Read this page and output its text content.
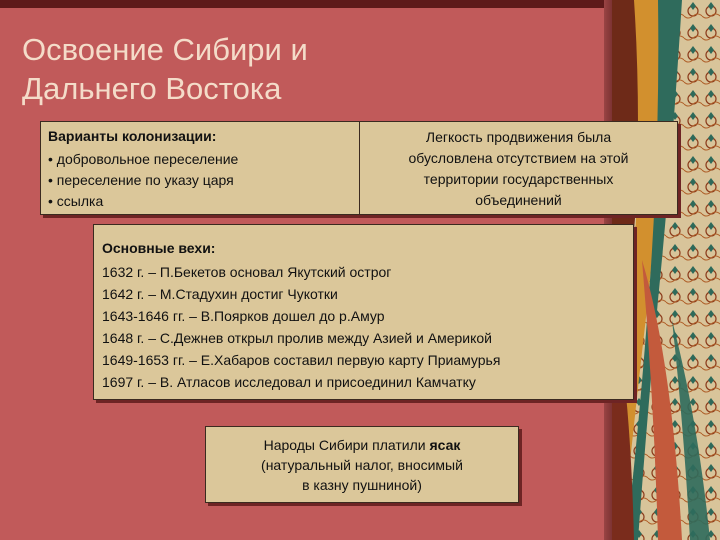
Освоение Сибири и
Дальнего Востока

Варианты колонизации:

• добровольное переселение
• переселение по указу царя
• ссылка

Легкость продвижения была
обусловлена отсутствием на этой
территории государственных
объединений

Основные вехи:

1632 г. – П.Бекетов основал Якутский острог
1642 г. – М.Стадухин достиг Чукотки
1643-1646 гг. – В.Поярков дошел до р.Амур
1648 г. – С.Дежнев открыл пролив между Азией и Америкой
1649-1653 гг. – Е.Хабаров составил первую карту Приамурья
1697 г. – В. Атласов исследовал и присоединил Камчатку

Народы Сибири платили ясак
(натуральный налог, вносимый
в казну пушниной)
